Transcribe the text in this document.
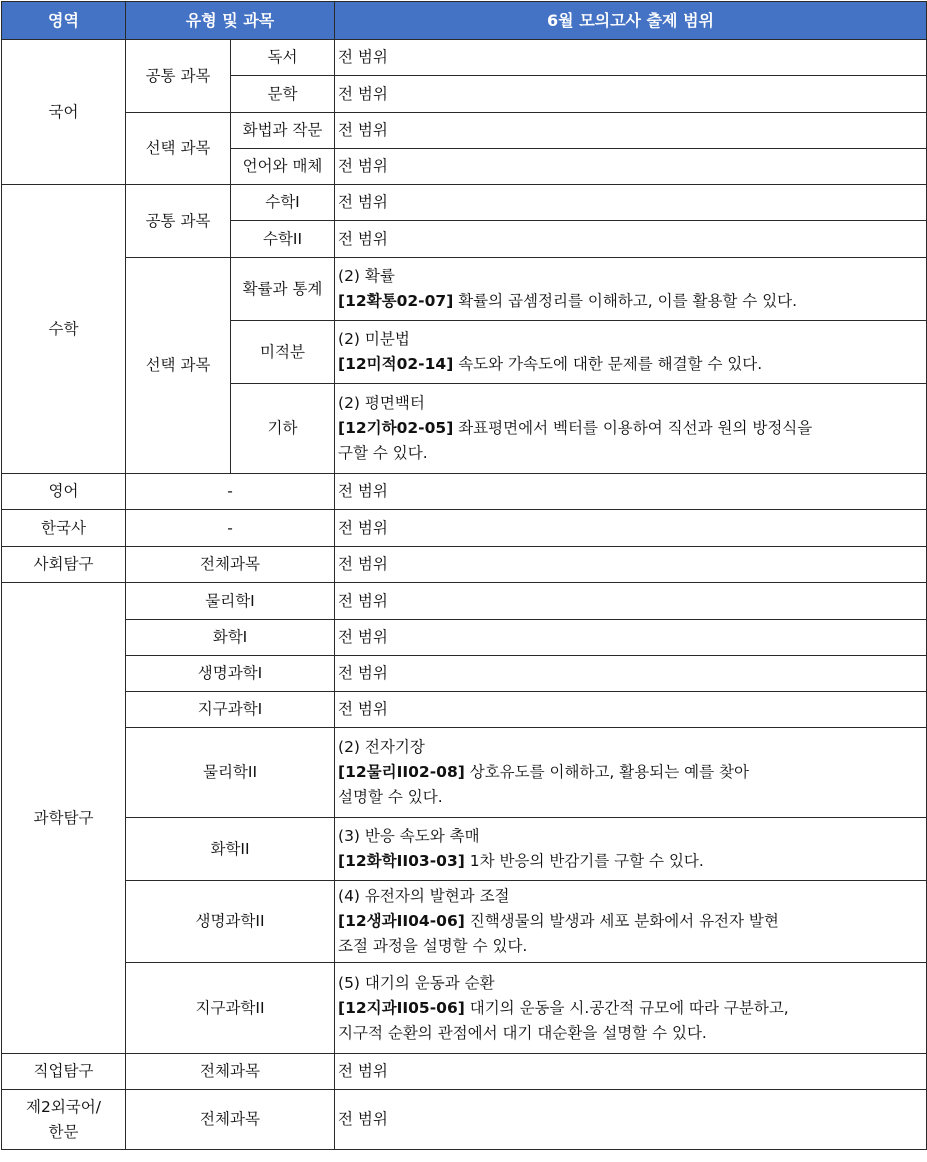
영역	유형 및 과목		6월 모의고사 출제 범위
국어	공통 과목	독서	전 범위
		문학	전 범위
	선택 과목	화법과 작문	전 범위
		언어와 매체	전 범위
수학	공통 과목	수학I	전 범위
		수학II	전 범위
	선택 과목	확률과 통계	(2) 확률
[12확통02-07] 확률의 곱셈정리를 이해하고, 이를 활용할 수 있다.

		미적분	(2) 미분법
[12미적02-14] 속도와 가속도에 대한 문제를 해결할 수 있다.

		기하	(2) 평면백터
[12기하02-05] 좌표평면에서 벡터를 이용하여 직선과 원의 방정식을
구할 수 있다.

영어	-		전 범위
한국사	-		전 범위
사회탐구	전체과목		전 범위
과학탐구	물리학I		전 범위
	화학I		전 범위
	생명과학I		전 범위
	지구과학I		전 범위
	물리학II		(2) 전자기장
[12물리II02-08] 상호유도를 이해하고, 활용되는 예를 찾아
설명할 수 있다.

	화학II		(3) 반응 속도와 촉매
[12화학II03-03] 1차 반응의 반감기를 구할 수 있다.

	생명과학II		(4) 유전자의 발현과 조절
[12생과II04-06] 진핵생물의 발생과 세포 분화에서 유전자 발현
조절 과정을 설명할 수 있다.

	지구과학II		(5) 대기의 운동과 순환
[12지과II05-06] 대기의 운동을 시.공간적 규모에 따라 구분하고,
지구적 순환의 관점에서 대기 대순환을 설명할 수 있다.

직업탐구	전체과목		전 범위

제2외국어/
한문	전체과목		전 범위
